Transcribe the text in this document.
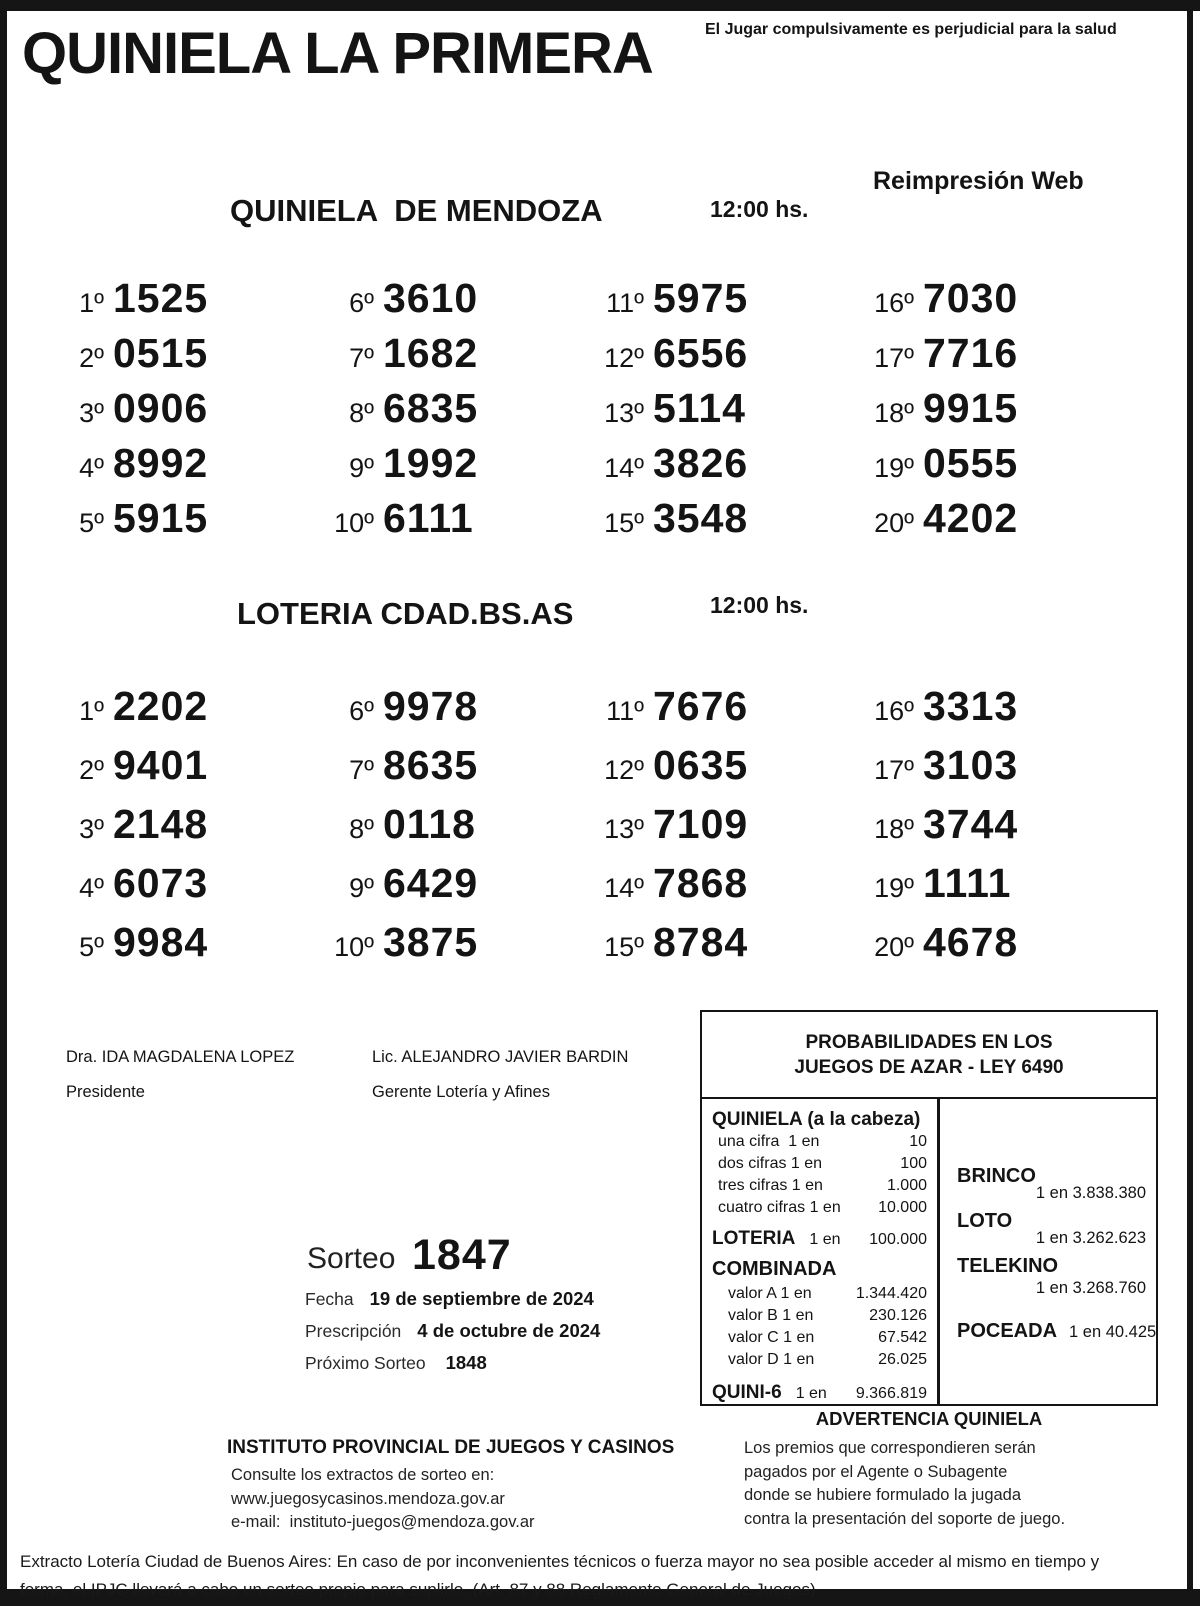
QUINIELA LA PRIMERA	El Jugar compulsivamente es perjudicial para la salud
Reimpresión Web
QUINIELA  DE MENDOZA	12:00 hs.
1º 1525	6º 3610	11º 5975	16º 7030
2º 0515	7º 1682	12º 6556	17º 7716
3º 0906	8º 6835	13º 5114	18º 9915
4º 8992	9º 1992	14º 3826	19º 0555
5º 5915	10º 6111	15º 3548	20º 4202
LOTERIA CDAD.BS.AS	12:00 hs.
1º 2202	6º 9978	11º 7676	16º 3313
2º 9401	7º 8635	12º 0635	17º 3103
3º 2148	8º 0118	13º 7109	18º 3744
4º 6073	9º 6429	14º 7868	19º 1111
5º 9984	10º 3875	15º 8784	20º 4678
Dra. IDA MAGDALENA LOPEZ
Presidente
Lic. ALEJANDRO JAVIER BARDIN
Gerente Lotería y Afines
Sorteo 1847
Fecha 19 de septiembre de 2024
Prescripción 4 de octubre de 2024
Próximo Sorteo 1848
PROBABILIDADES EN LOS
JUEGOS DE AZAR - LEY 6490
QUINIELA (a la cabeza)
una cifra  1 en	10
dos cifras 1 en	100
tres cifras 1 en	1.000
cuatro cifras 1 en 10.000
LOTERIA 1 en 100.000
COMBINADA
valor A 1 en	1.344.420
valor B 1 en	230.126
valor C 1 en	67.542
valor D 1 en	26.025
QUINI-6 1 en 9.366.819
BRINCO
1 en 3.838.380
LOTO
1 en 3.262.623
TELEKINO
1 en 3.268.760
POCEADA 1 en 40.425
ADVERTENCIA QUINIELA
Los premios que correspondieren serán
pagados por el Agente o Subagente
donde se hubiere formulado la jugada
contra la presentación del soporte de juego.
INSTITUTO PROVINCIAL DE JUEGOS Y CASINOS
Consulte los extractos de sorteo en:
www.juegosycasinos.mendoza.gov.ar
e-mail:  instituto-juegos@mendoza.gov.ar
Extracto Lotería Ciudad de Buenos Aires: En caso de por inconvenientes técnicos o fuerza mayor no sea posible acceder al mismo en tiempo y
forma, el IPJC llevará a cabo un sorteo propio para suplirlo. (Art. 87 y 88 Reglamento General de Juegos)
